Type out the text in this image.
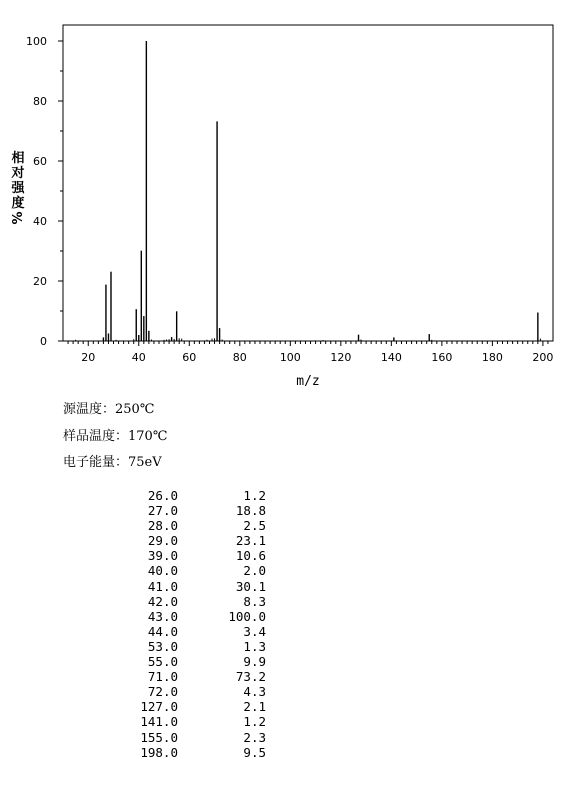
20	40	60	80	100	120	140	160	180	200
0
20
40
60
80
100
m/z
相
对
强
度
%
源温度：250℃
样品温度：170℃
电子能量：75eV
26.0	1.2
27.0	18.8
28.0	2.5
29.0	23.1
39.0	10.6
40.0	2.0
41.0	30.1
42.0	8.3
43.0	100.0
44.0	3.4
53.0	1.3
55.0	9.9
71.0	73.2
72.0	4.3
127.0	2.1
141.0	1.2
155.0	2.3
198.0	9.5
